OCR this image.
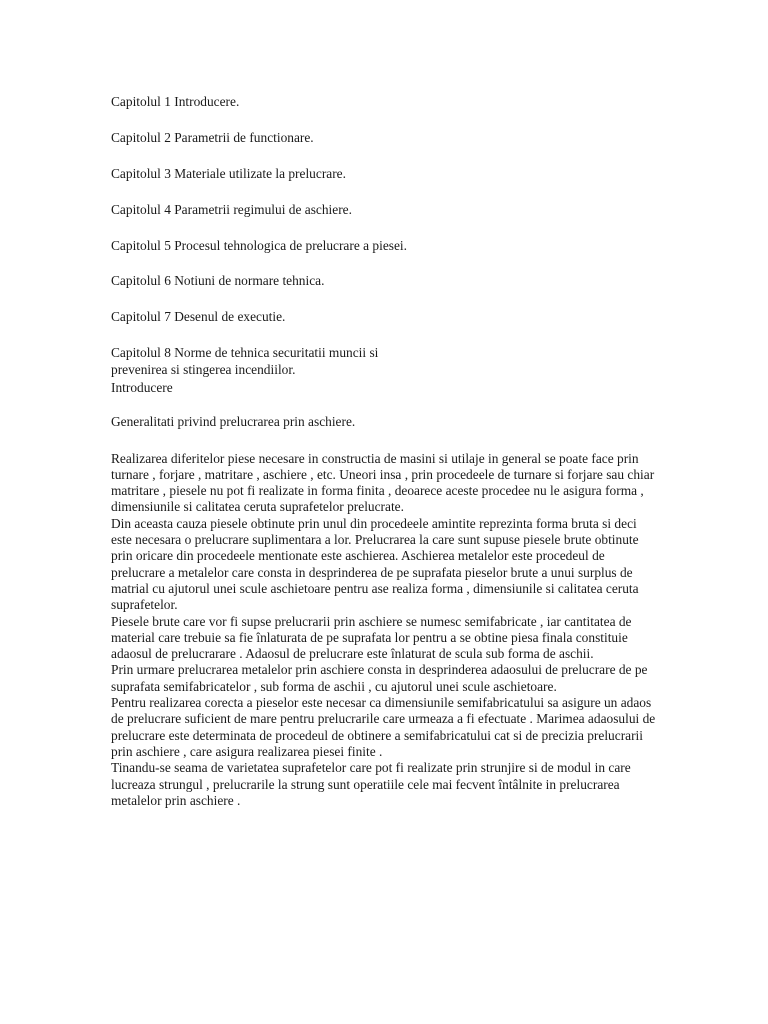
Capitolul 1 Introducere.
Capitolul 2 Parametrii de functionare.
Capitolul 3 Materiale utilizate la prelucrare.
Capitolul 4 Parametrii regimului de aschiere.
Capitolul 5 Procesul tehnologica de prelucrare a piesei.
Capitolul 6 Notiuni de normare tehnica.
Capitolul 7 Desenul de executie.
Capitolul 8 Norme de tehnica securitatii muncii si
prevenirea si stingerea incendiilor.

Introducere

Generalitati privind prelucrarea prin aschiere.

Realizarea diferitelor piese necesare in constructia de masini si utilaje in general se poate face prin turnare , forjare , matritare , aschiere , etc. Uneori insa , prin procedeele de turnare si forjare sau chiar matritare , piesele nu pot fi realizate in forma finita , deoarece aceste procedee nu le asigura forma , dimensiunile si calitatea ceruta suprafetelor prelucrate.

Din aceasta cauza piesele obtinute prin unul din procedeele amintite reprezinta forma bruta si deci este necesara o prelucrare suplimentara a lor. Prelucrarea la care sunt supuse piesele brute obtinute prin oricare din procedeele mentionate este aschierea. Aschierea metalelor este procedeul de prelucrare a metalelor care consta in desprinderea de pe suprafata pieselor brute a unui surplus de matrial cu ajutorul unei scule aschietoare pentru ase realiza forma , dimensiunile si calitatea ceruta suprafetelor.

Piesele brute care vor fi supse prelucrarii prin aschiere se numesc semifabricate , iar cantitatea de material care trebuie sa fie înlaturata de pe suprafata lor pentru a se obtine piesa finala constituie adaosul de prelucrarare . Adaosul de prelucrare este înlaturat de scula sub forma de aschii.

Prin urmare prelucrarea metalelor prin aschiere consta in desprinderea adaosului de prelucrare de pe suprafata semifabricatelor , sub forma de aschii , cu ajutorul unei scule aschietoare.

Pentru realizarea corecta a pieselor este necesar ca dimensiunile semifabricatului sa asigure un adaos de prelucrare suficient de mare pentru prelucrarile care urmeaza a fi efectuate . Marimea adaosului de prelucrare este determinata de procedeul de obtinere a semifabricatului cat si de precizia prelucrarii prin aschiere , care asigura realizarea piesei finite .

Tinandu-se seama de varietatea suprafetelor care pot fi realizate prin strunjire si de modul in care lucreaza strungul , prelucrarile la strung sunt operatiile cele mai fecvent întâlnite in prelucrarea metalelor prin aschiere .
